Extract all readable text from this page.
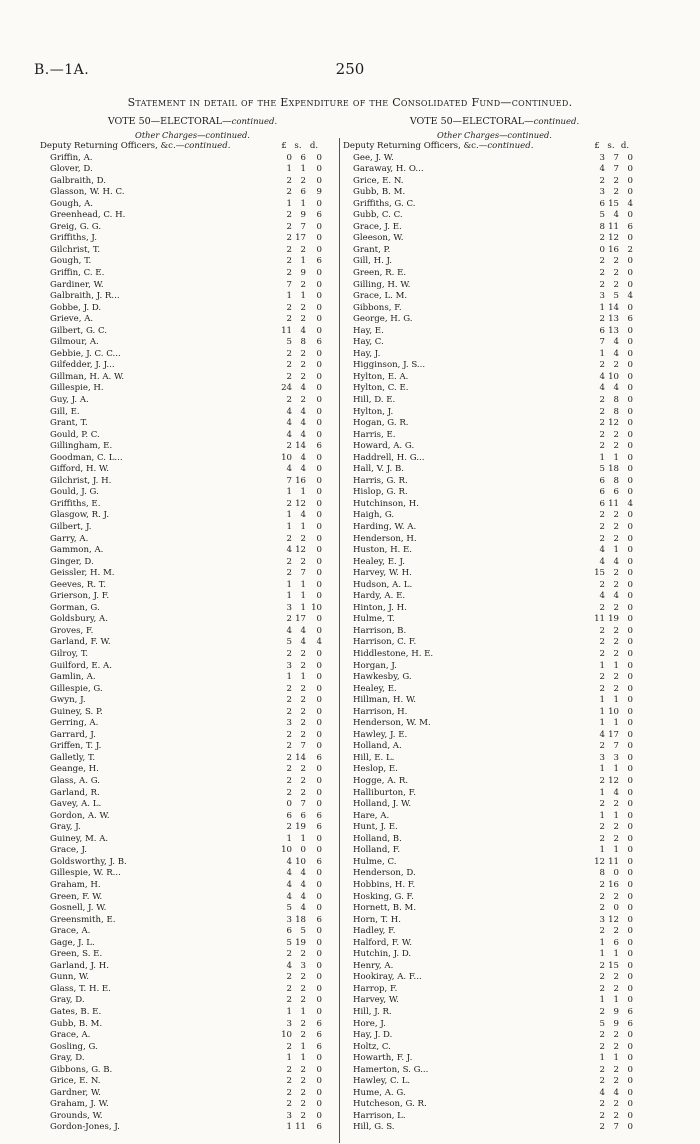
B.—1A.	250
Statement in detail of the Expenditure of the Consolidated Fund—continued.
VOTE 50—ELECTORAL—continued.
Other Charges—continued.
Deputy Returning Officers, &c.—continued.	£ s. d.
Griffin, A.	0 6	0
Glover, D.	1 1	0
Galbraith, D.	2 2	0
Glasson, W. H. C.	2 6	9
Gough, A.	1 1	0
Greenhead, C. H.	2 9	6
Greig, G. G.	2 7	0
Griffiths, J.	2 17	0
Gilchrist, T.	2 2	0
Gough, T.	2 1	6
Griffin, C. E.	2 9	0
Gardiner, W.	7 2	0
Galbraith, J. R...	1 1	0
Gobbe, J. D.	2 2	0
Grieve, A.	2 2	0
Gilbert, G. C.	11 4	0
Gilmour, A.	5 8	6
Gebbie, J. C. C...	2 2	0
Gilfedder, J. J...	2 2	0
Gillman, H. A. W.	2 2	0
Gillespie, H.	24 4	0
Guy, J. A.	2 2	0
Gill, E.	4 4	0
Grant, T.	4 4	0
Gould, P. C.	4 4	0
Gillingham, E.	2 14	6
Goodman, C. L...	10 4	0
Gifford, H. W.	4 4	0
Gilchrist, J. H.	7 16	0
Gould, J. G.	1 1	0
Griffiths, E.	2 12	0
Glasgow, R. J.	1 4	0
Gilbert, J.	1 1	0
Garry, A.	2 2	0
Gammon, A.	4 12	0
Ginger, D.	2 2	0
Geissler, H. M.	2 7	0
Geeves, R. T.	1 1	0
Grierson, J. F.	1 1	0
Gorman, G.	3 1 10
Goldsbury, A.	2 17	0
Groves, F.	4 4	0
Garland, F. W.	5 4	4
Gilroy, T.	2 2	0
Guilford, E. A.	3 2	0
Gamlin, A.	1 1	0
Gillespie, G.	2 2	0
Gwyn, J.	2 2	0
Guiney, S. P.	2 2	0
Gerring, A.	3 2	0
Garrard, J.	2 2	0
Griffen, T. J.	2 7	0
Galletly, T.	2 14	6
Geange, H.	2 2	0
Glass, A. G.	2 2	0
Garland, R.	2 2	0
Gavey, A. L.	0 7	0
Gordon, A. W.	6 6	6
Gray, J.	2 19	6
Guiney, M. A.	1 1	0
Grace, J.	10 0	0
Goldsworthy, J. B.	4 10	6
Gillespie, W. R...	4 4	0
Graham, H.	4 4	0
Green, F. W.	4 4	0
Gosnell, J. W.	5 4	0
Greensmith, E.	3 18	6
Grace, A.	6 5	0
Gage, J. L.	5 19	0
Green, S. E.	2 2	0
Garland, J. H.	4 3	0
Gunn, W.	2 2	0
Glass, T. H. E.	2 2	0
Gray, D.	2 2	0
Gates, B. E.	1 1	0
Gubb, B. M.	3 2	6
Grace, A.	10 2	6
Gosling, G.	2 1	6
Gray, D.	1 1	0
Gibbons, G. B.	2 2	0
Grice, E. N.	2 2	0
Gardner, W.	2 2	0
Graham, J. W.	2 2	0
Grounds, W.	3 2	0
Gordon-Jones, J.	1 11	6
VOTE 50—ELECTORAL—continued.
Other Charges—continued.
Deputy Returning Officers, &c.—continued.	£ s. d.
Gee, J. W.	3 7 0
Garaway, H. O...	4 7 0
Grice, E. N.	2 2 0
Gubb, B. M.	3 2 0
Griffiths, G. C.	6 15 4
Gubb, C. C.	5 4 0
Grace, J. E.	8 11 6
Gleeson, W.	2 12 0
Grant, P.	0 16 2
Gill, H. J.	2 2 0
Green, R. E.	2 2 0
Gilling, H. W.	2 2 0
Grace, L. M.	3 5 4
Gibbons, F.	1 14 0
George, H. G.	2 13 6
Hay, E.	6 13 0
Hay, C.	7 4 0
Hay, J.	1 4 0
Higginson, J. S...	2 2 0
Hylton, E. A.	4 10 0
Hylton, C. E.	4 4 0
Hill, D. E.	2 8 0
Hylton, J.	2 8 0
Hogan, G. R.	2 12 0
Harris, E.	2 2 0
Howard, A. G.	2 2 0
Haddrell, H. G...	1 1 0
Hall, V. J. B.	5 18 0
Harris, G. R.	6 8 0
Hislop, G. R.	6 6 0
Hutchinson, H.	6 11 4
Haigh, G.	2 2 0
Harding, W. A.	2 2 0
Henderson, H.	2 2 0
Huston, H. E.	4 1 0
Healey, E. J.	4 4 0
Harvey, W. H.	15 2 0
Hudson, A. L.	2 2 0
Hardy, A. E.	4 4 0
Hinton, J. H.	2 2 0
Hulme, T.	11 19 0
Harrison, B.	2 2 0
Harrison, C. F.	2 2 0
Hiddlestone, H. E.	2 2 0
Horgan, J.	1 1 0
Hawkesby, G.	2 2 0
Healey, E.	2 2 0
Hillman, H. W.	1 1 0
Harrison, H.	1 10 0
Henderson, W. M.	1 1 0
Hawley, J. E.	4 17 0
Holland, A.	2 7 0
Hill, E. L.	3 3 0
Heslop, E.	1 1 0
Hogge, A. R.	2 12 0
Halliburton, F.	1 4 0
Holland, J. W.	2 2 0
Hare, A.	1 1 0
Hunt, J. E.	2 2 0
Holland, B.	2 2 0
Holland, F.	1 1 0
Hulme, C.	12 11 0
Henderson, D.	8 0 0
Hobbins, H. F.	2 16 0
Hosking, G. F.	2 2 0
Hornett, B. M.	2 0 0
Horn, T. H.	3 12 0
Hadley, F.	2 2 0
Halford, F. W.	1 6 0
Hutchin, J. D.	1 1 0
Henry, A.	2 15 0
Hookiray, A. F...	2 2 0
Harrop, F.	2 2 0
Harvey, W.	1 1 0
Hill, J. R.	2 9 6
Hore, J.	5 9 6
Hay, J. D.	2 2 0
Holtz, C.	2 2 0
Howarth, F. J.	1 1 0
Hamerton, S. G...	2 2 0
Hawley, C. L.	2 2 0
Hume, A. G.	4 4 0
Hutcheson, G. R.	2 2 0
Harrison, L.	2 2 0
Hill, G. S.	2 7 0
